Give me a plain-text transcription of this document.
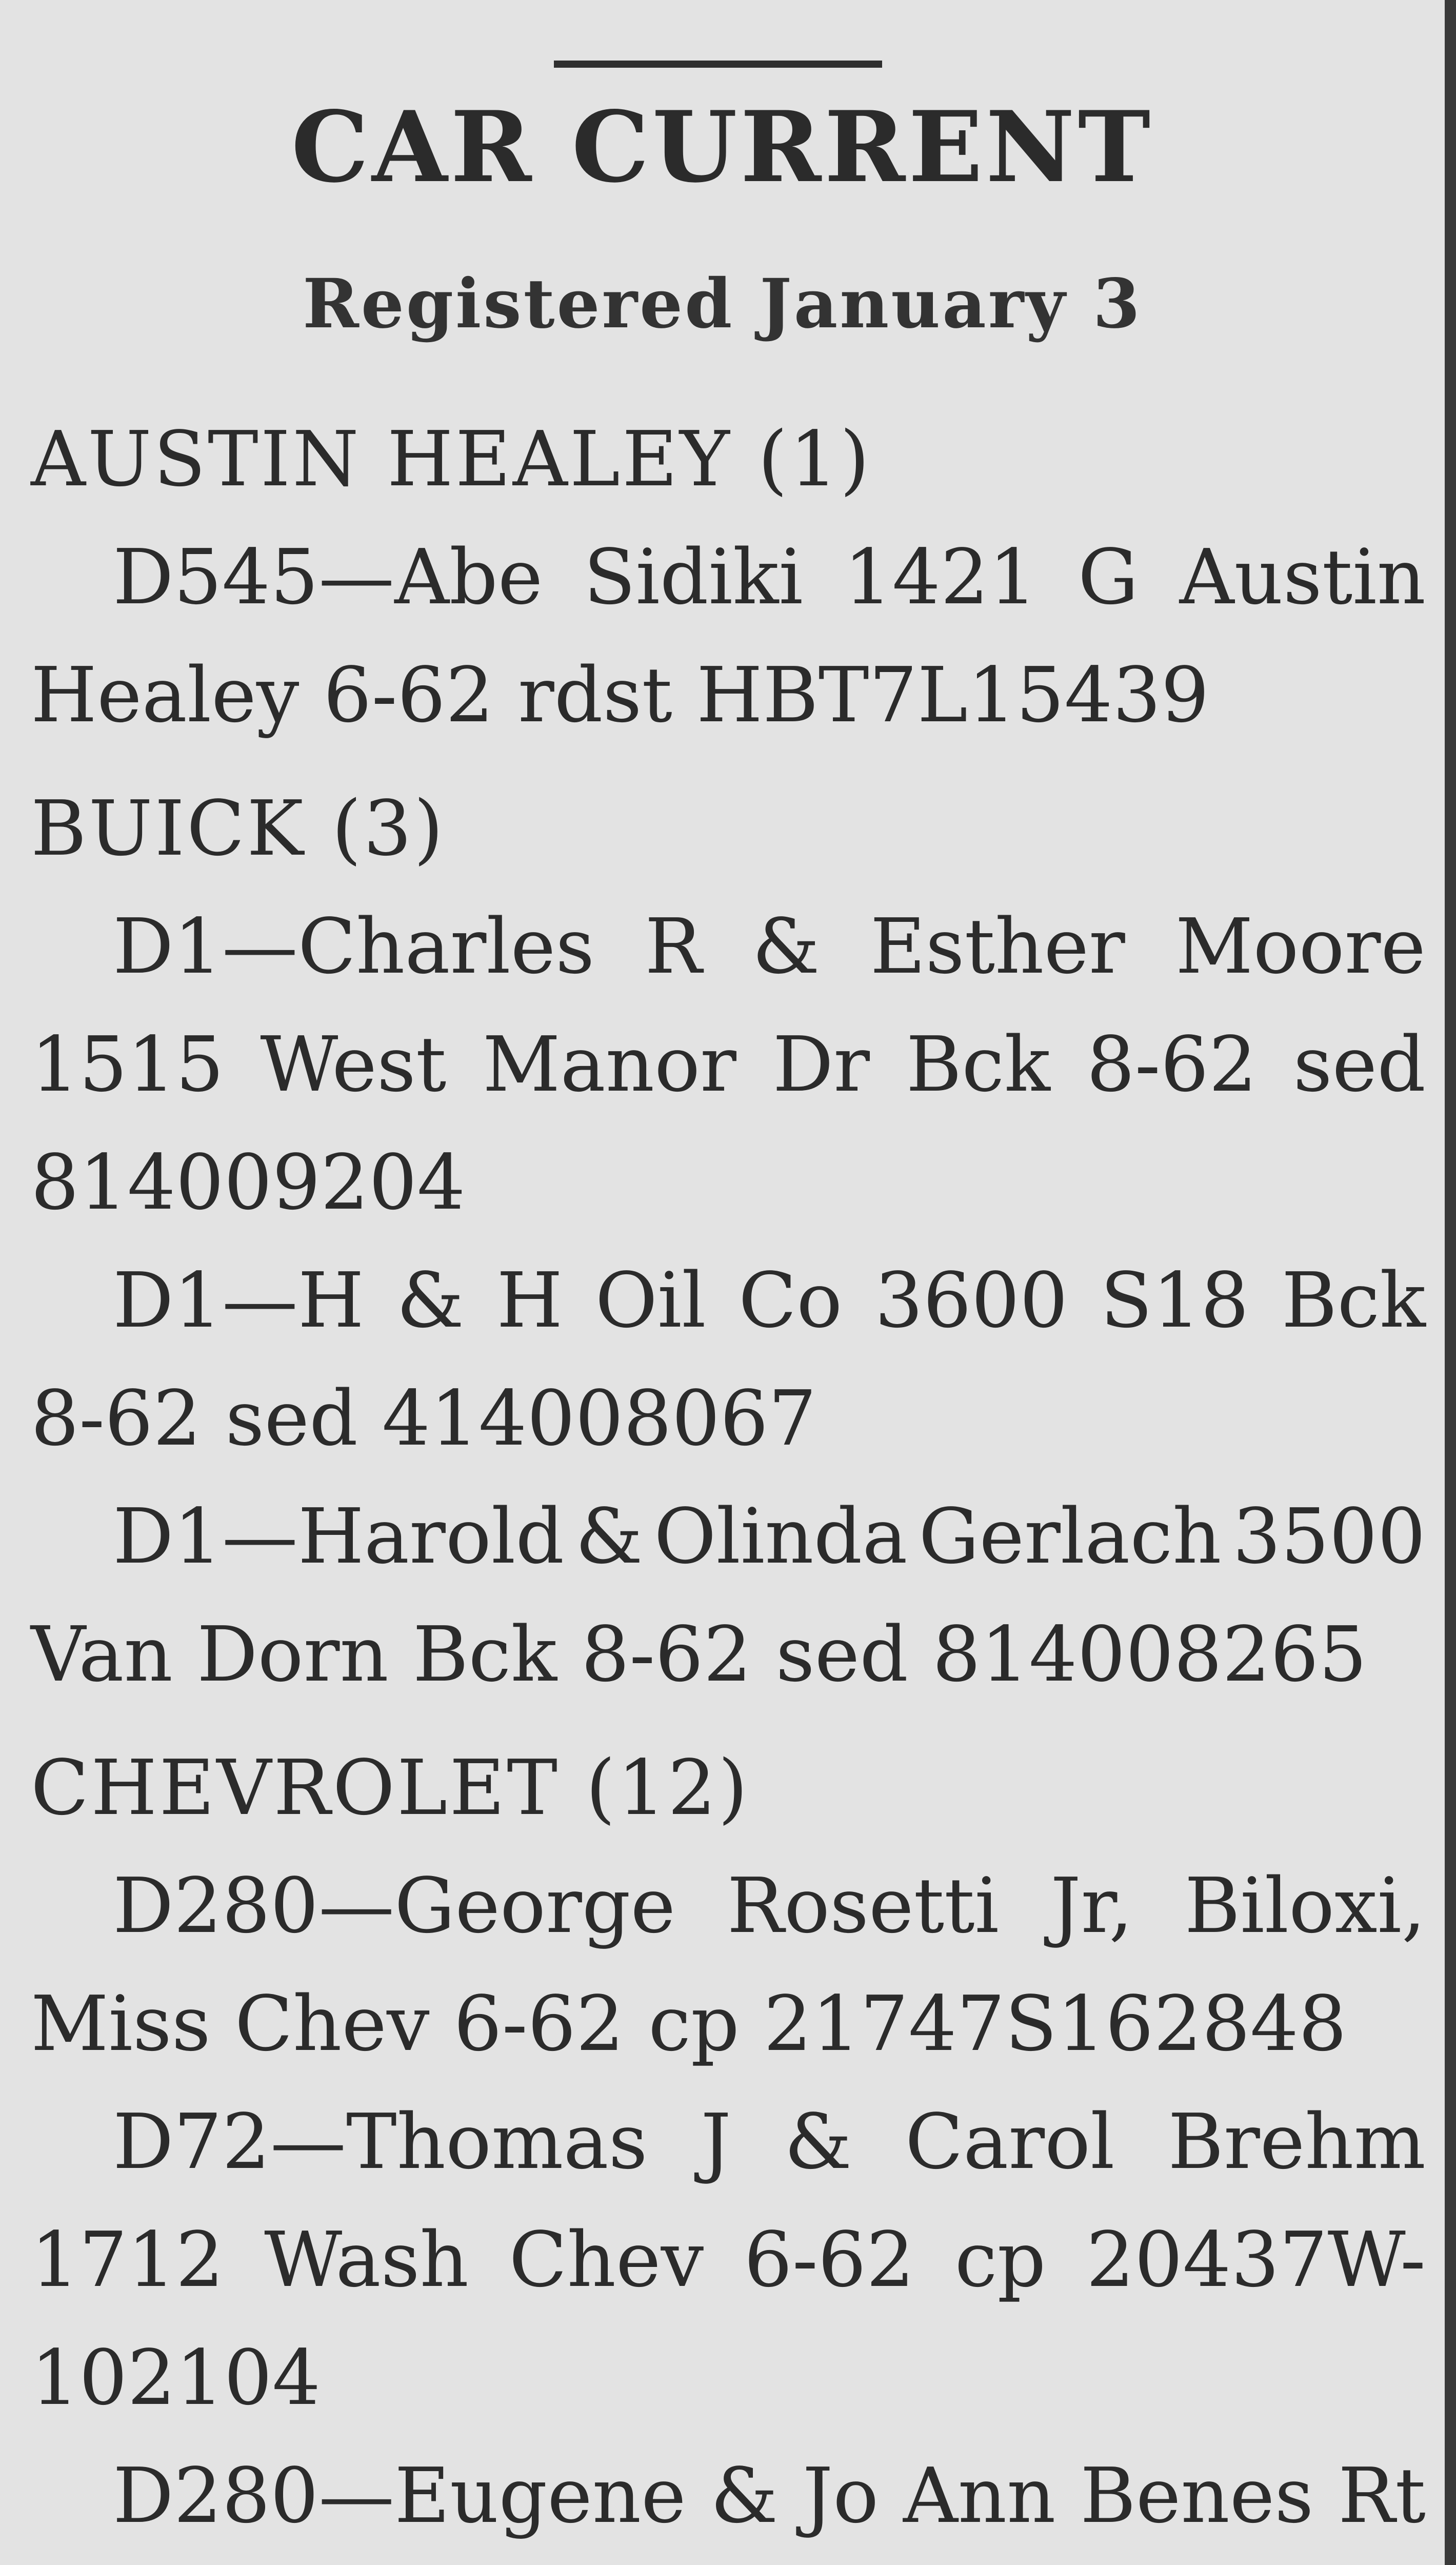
CAR CURRENT
Registered January 3
AUSTIN HEALEY (1)
D545—Abe Sidiki 1421 G Austin
Healey 6-62 rdst HBT7L15439
BUICK (3)
D1—Charles R & Esther Moore
1515 West Manor Dr Bck 8-62 sed
814009204
D1—H & H Oil Co 3600 S18 Bck
8-62 sed 414008067
D1—Harold & Olinda Gerlach 3500
Van Dorn Bck 8-62 sed 814008265
CHEVROLET (12)
D280—George Rosetti Jr, Biloxi,
Miss Chev 6-62 cp 21747S162848
D72—Thomas J & Carol Brehm
1712 Wash Chev 6-62 cp 20437W-
102104
D280—Eugene & Jo Ann Benes Rt
